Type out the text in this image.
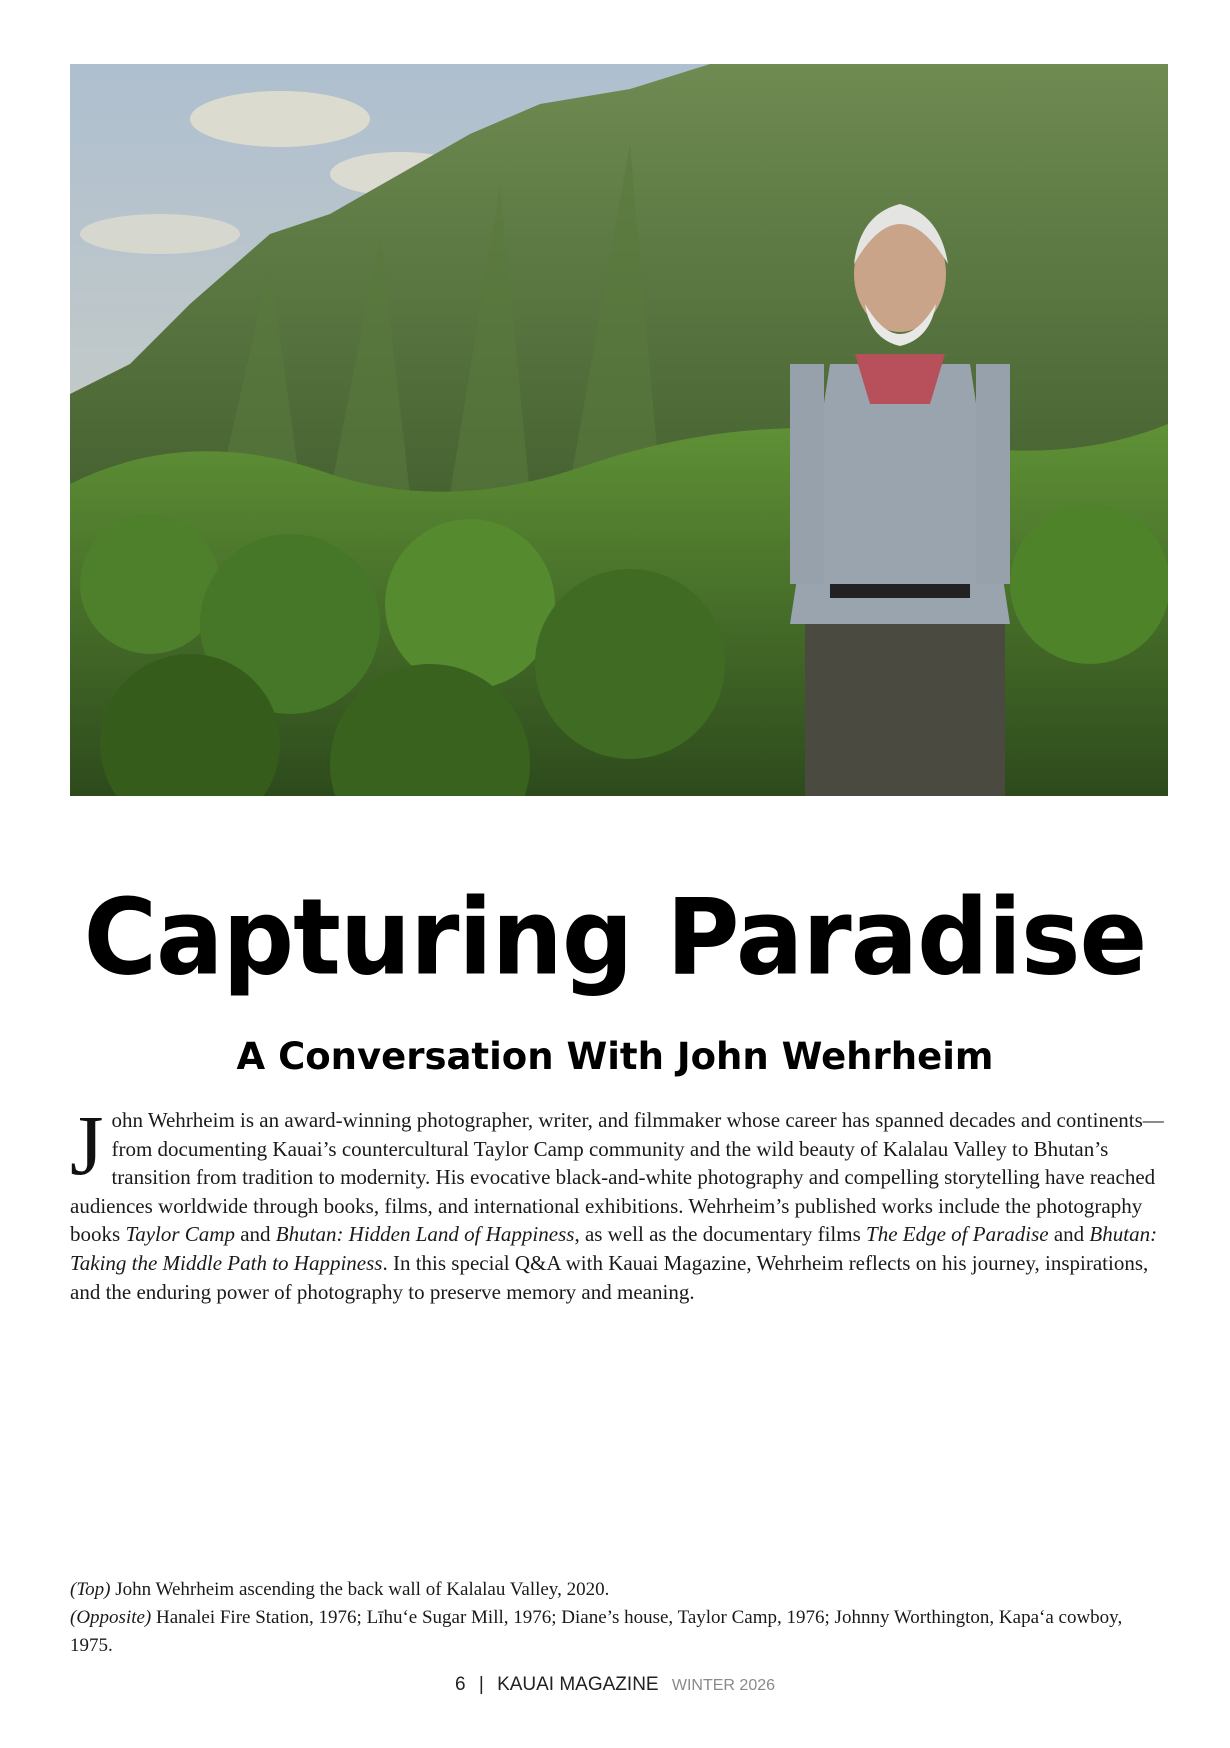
Capturing Paradise
A Conversation With John Wehrheim
John Wehrheim is an award-winning photographer, writer, and filmmaker whose career has spanned decades and continents—from documenting Kauai’s countercultural Taylor Camp community and the wild beauty of Kalalau Valley to Bhutan’s transition from tradition to modernity. His evocative black-and-white photography and compelling storytelling have reached audiences worldwide through books, films, and international exhibitions. Wehrheim’s published works include the photography books Taylor Camp and Bhutan: Hidden Land of Happiness, as well as the documentary films The Edge of Paradise and Bhutan: Taking the Middle Path to Happiness. In this special Q&A with Kauai Magazine, Wehrheim reflects on his journey, inspirations, and the enduring power of photography to preserve memory and meaning.
(Top) John Wehrheim ascending the back wall of Kalalau Valley, 2020.
(Opposite) Hanalei Fire Station, 1976; Līhuʻe Sugar Mill, 1976; Diane’s house, Taylor Camp, 1976; Johnny Worthington, Kapaʻa cowboy, 1975.
6 | KAUAI MAGAZINE WINTER 2026
